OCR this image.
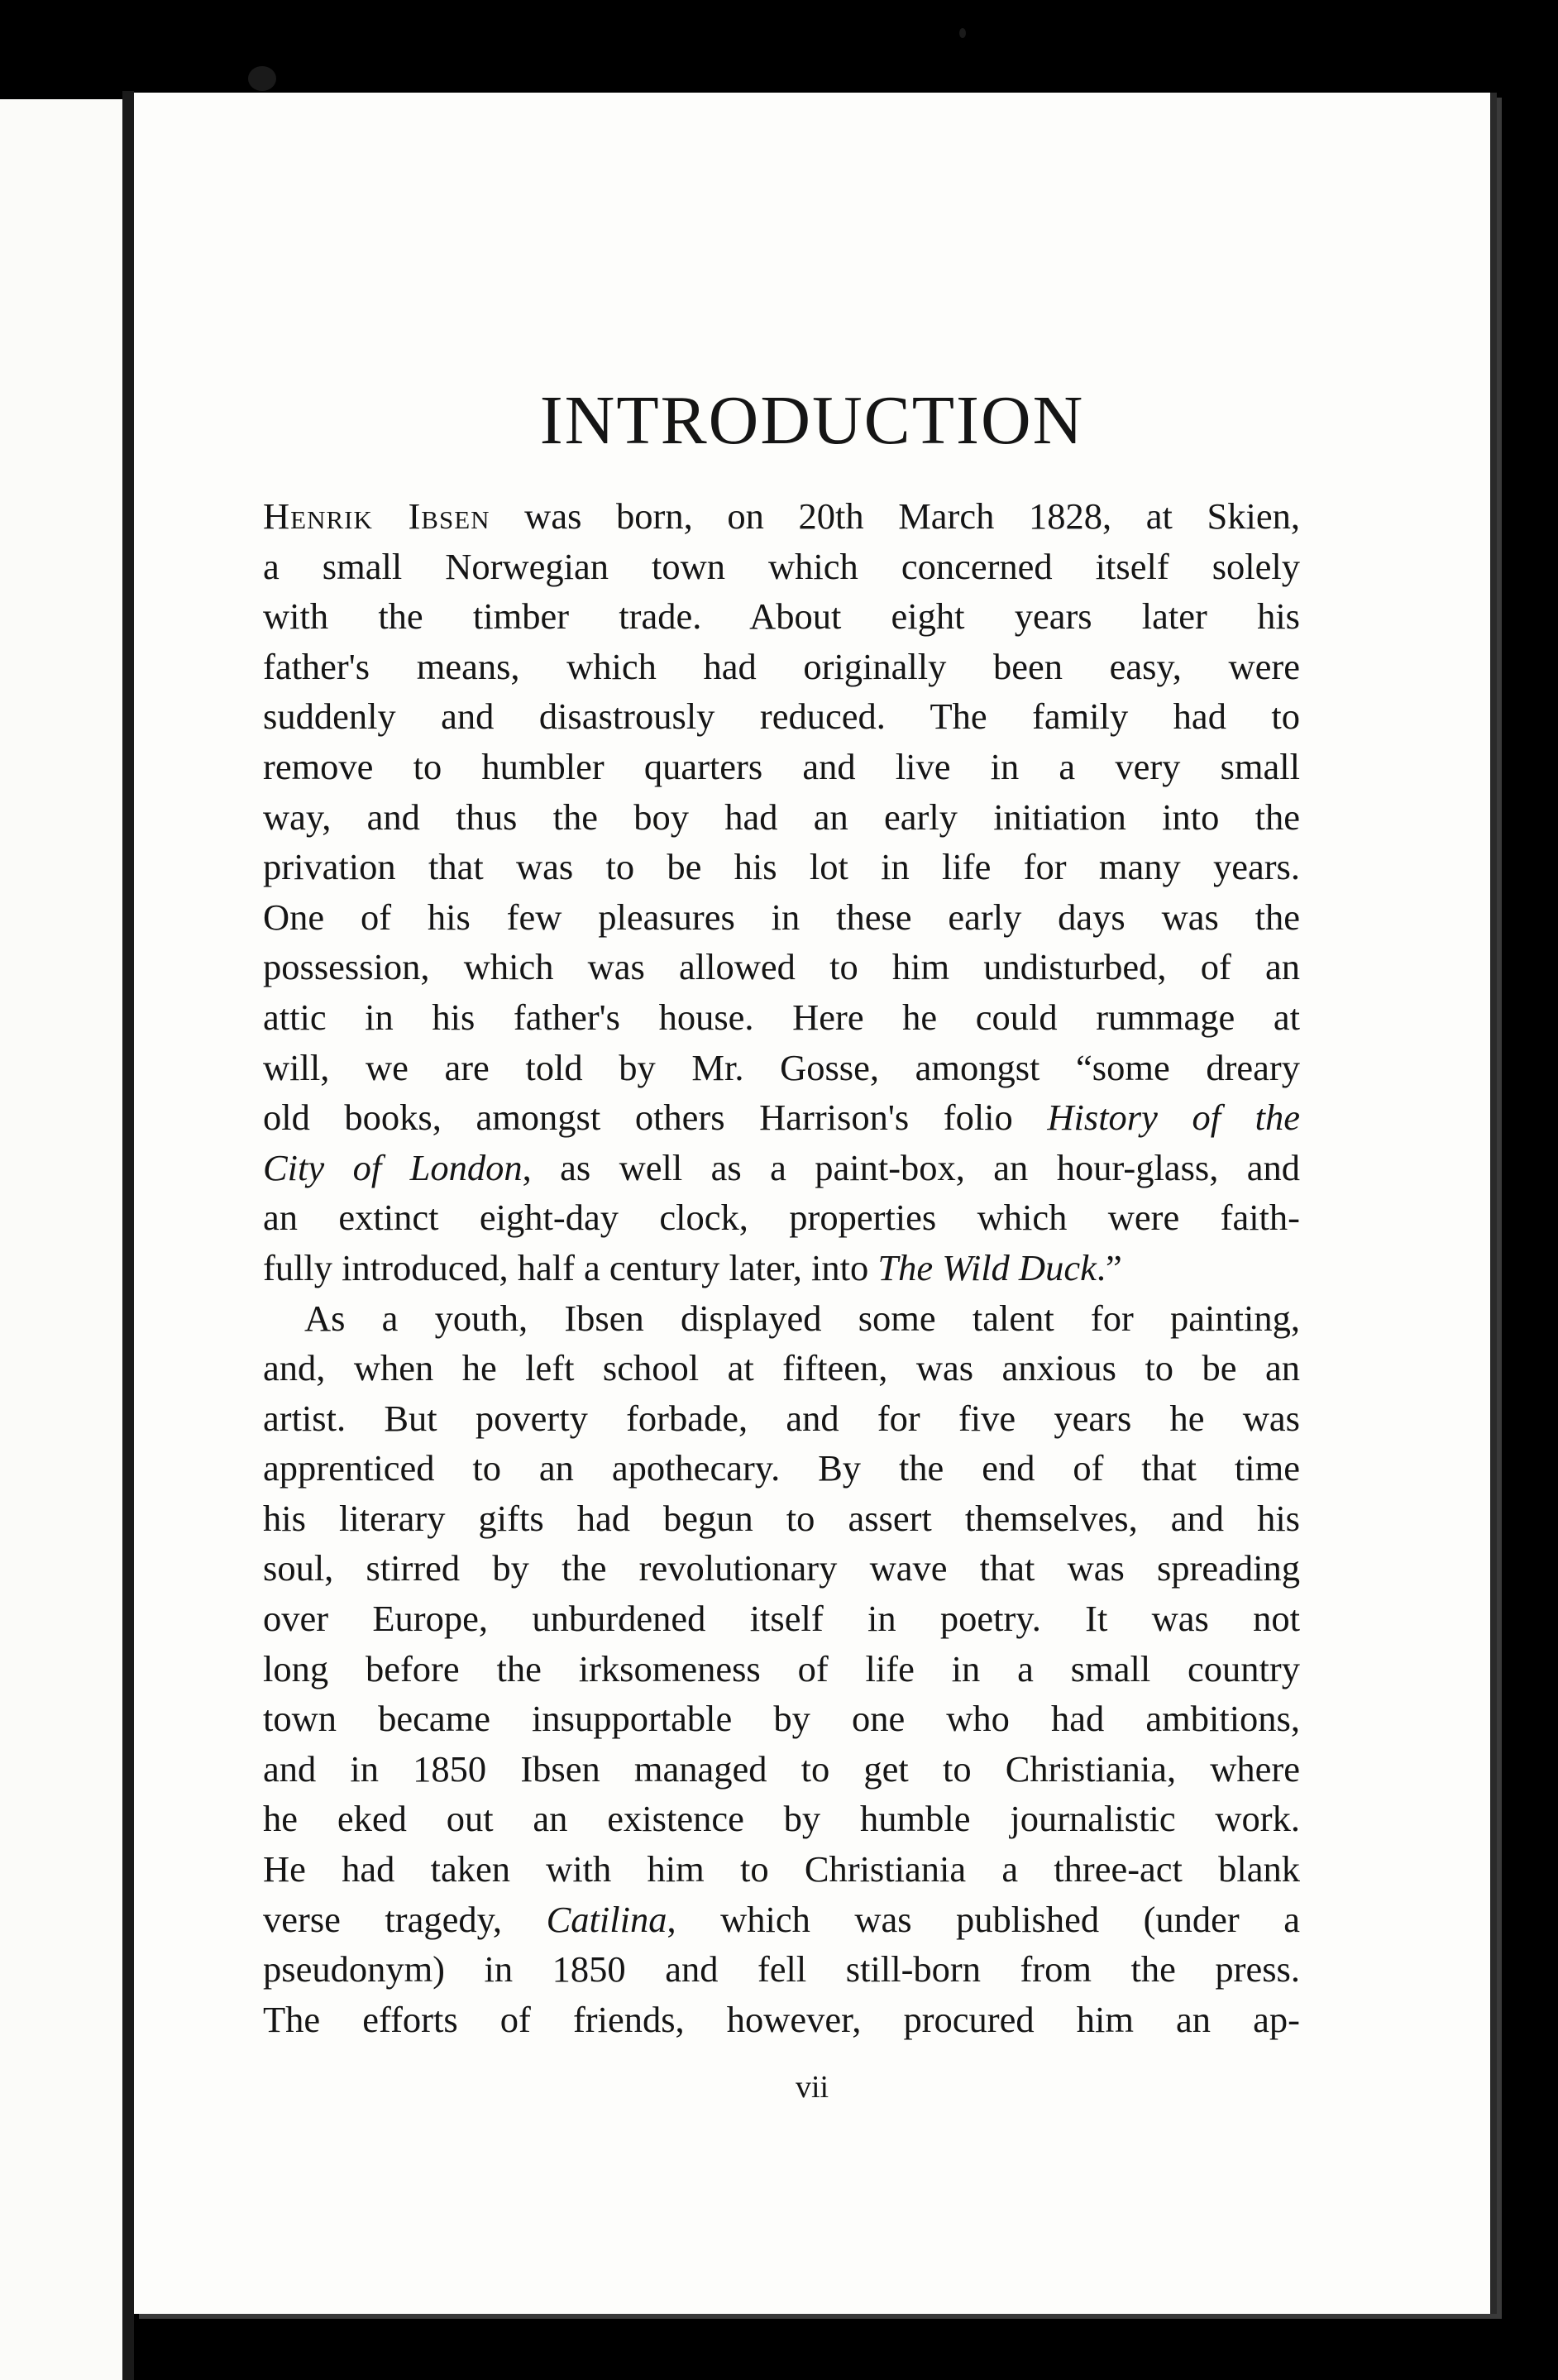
INTRODUCTION
Henrik Ibsen was born, on 20th March 1828, at Skien,
a small Norwegian town which concerned itself solely
with the timber trade. About eight years later his
father's means, which had originally been easy, were
suddenly and disastrously reduced. The family had to
remove to humbler quarters and live in a very small
way, and thus the boy had an early initiation into the
privation that was to be his lot in life for many years.
One of his few pleasures in these early days was the
possession, which was allowed to him undisturbed, of an
attic in his father's house. Here he could rummage at
will, we are told by Mr. Gosse, amongst “some dreary
old books, amongst others Harrison's folio History of the
City of London, as well as a paint-box, an hour-glass, and
an extinct eight-day clock, properties which were faith-
fully introduced, half a century later, into The Wild Duck.”
As a youth, Ibsen displayed some talent for painting,
and, when he left school at fifteen, was anxious to be an
artist. But poverty forbade, and for five years he was
apprenticed to an apothecary. By the end of that time
his literary gifts had begun to assert themselves, and his
soul, stirred by the revolutionary wave that was spreading
over Europe, unburdened itself in poetry. It was not
long before the irksomeness of life in a small country
town became insupportable by one who had ambitions,
and in 1850 Ibsen managed to get to Christiania, where
he eked out an existence by humble journalistic work.
He had taken with him to Christiania a three-act blank
verse tragedy, Catilina, which was published (under a
pseudonym) in 1850 and fell still-born from the press.
The efforts of friends, however, procured him an ap-
vii
